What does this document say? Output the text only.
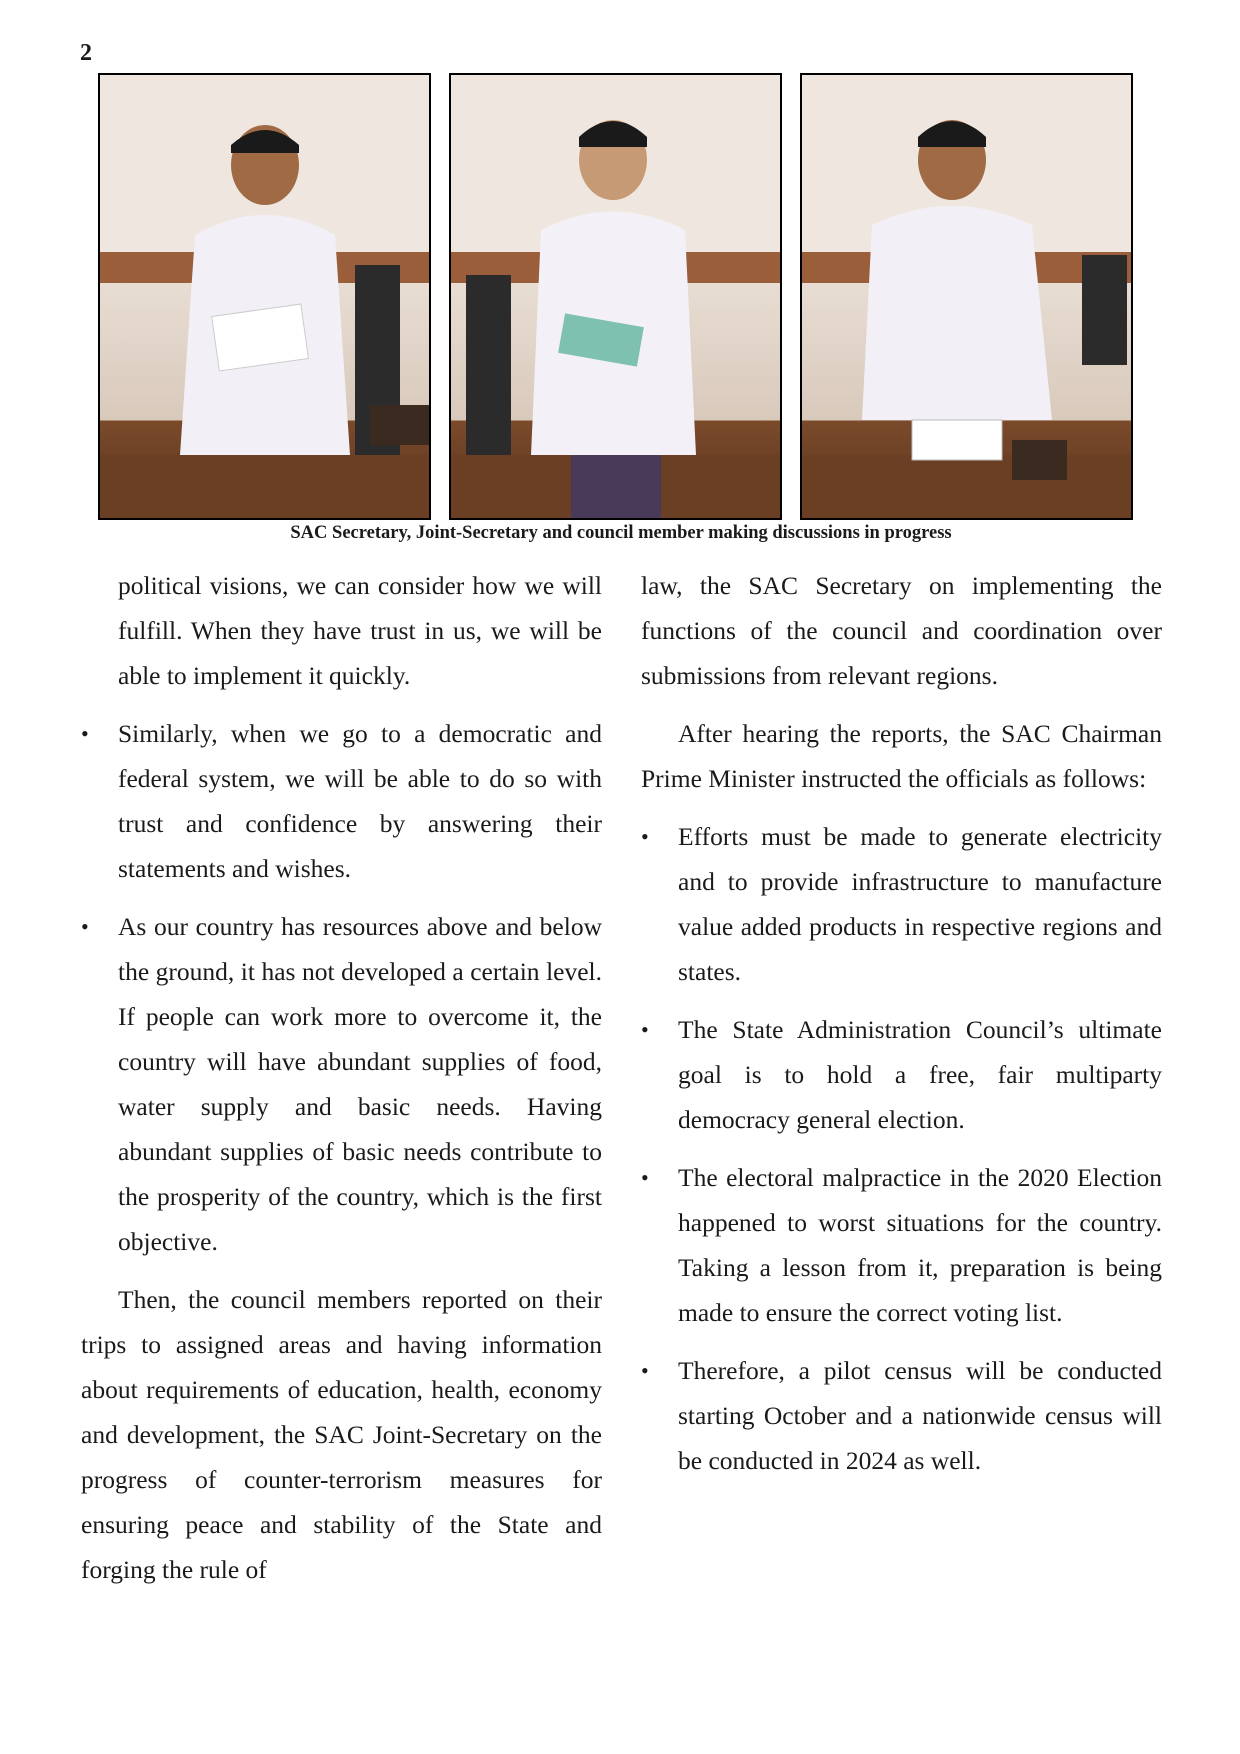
2
SAC Secretary, Joint-Secretary and council member making discussions in progress

political visions, we can consider how we will fulfill. When they have trust in us, we will be able to implement it quickly.

• Similarly, when we go to a democratic and federal system, we will be able to do so with trust and confidence by answering their statements and wishes.
• As our country has resources above and below the ground, it has not developed a certain level. If people can work more to overcome it, the country will have abundant supplies of food, water supply and basic needs. Having abundant supplies of basic needs contribute to the prosperity of the country, which is the first objective.

Then, the council members reported on their trips to assigned areas and having information about requirements of education, health, economy and development, the SAC Joint-Secretary on the progress of counter-terrorism measures for ensuring peace and stability of the State and forging the rule of

law, the SAC Secretary on implementing the functions of the council and coordination over submissions from relevant regions.

After hearing the reports, the SAC Chairman Prime Minister instructed the officials as follows:

• Efforts must be made to generate electricity and to provide infrastructure to manufacture value added products in respective regions and states.
• The State Administration Council’s ultimate goal is to hold a free, fair multiparty democracy general election.
• The electoral malpractice in the 2020 Election happened to worst situations for the country. Taking a lesson from it, preparation is being made to ensure the correct voting list.
• Therefore, a pilot census will be conducted starting October and a nationwide census will be conducted in 2024 as well.
